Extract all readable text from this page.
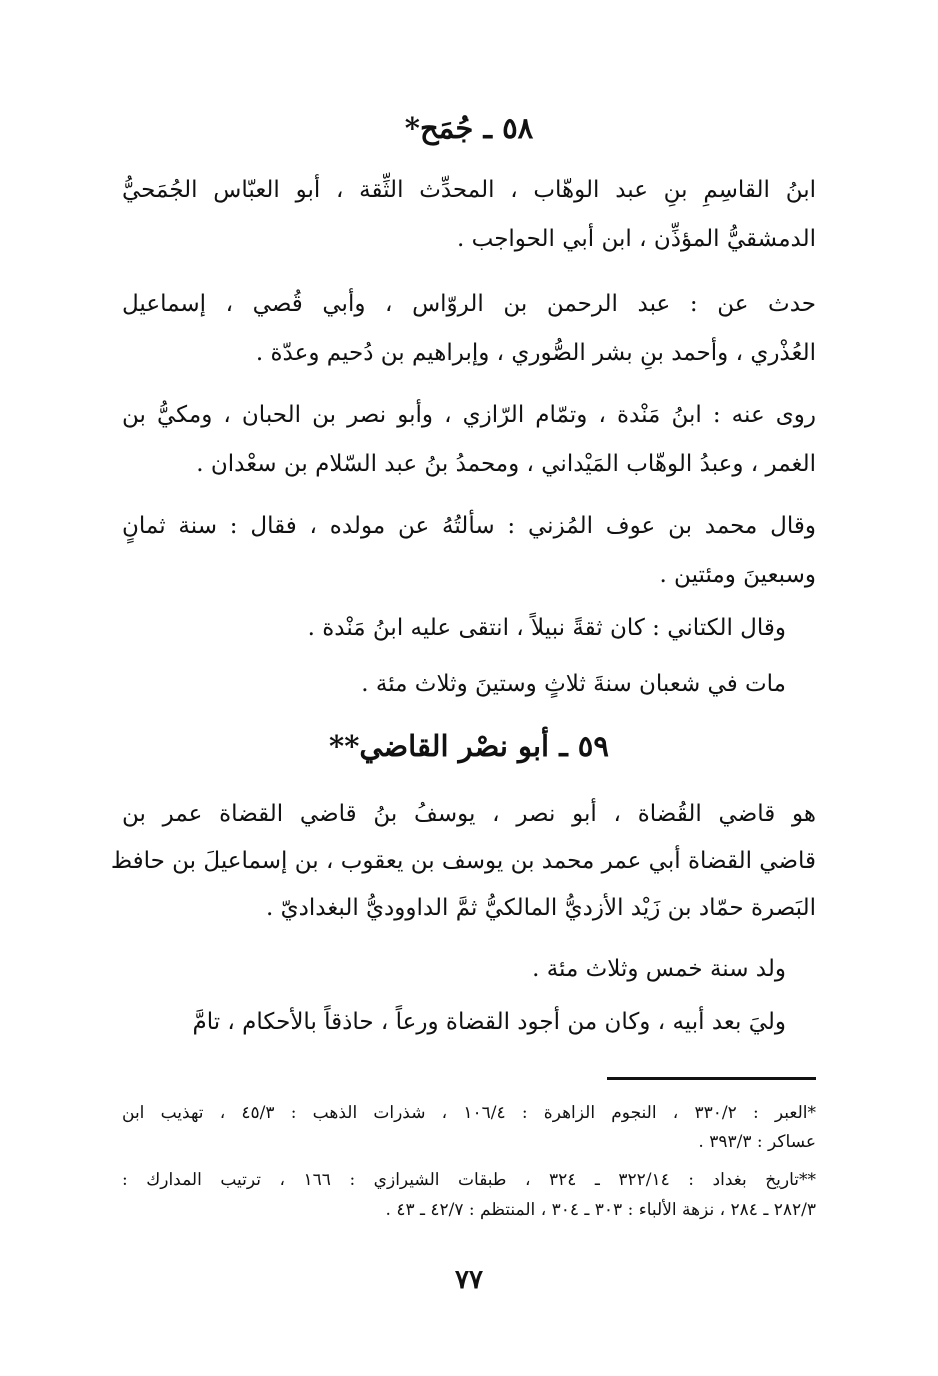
٥٨ ـ جُمَح*
ابنُ القاسِمِ بنِ عبد الوهّاب ، المحدِّث الثِّقة ، أبو العبّاس الجُمَحيُّ
الدمشقيُّ المؤذِّن ، ابن أبي الحواجب .
حدث عن : عبد الرحمن بن الروّاس ، وأبي قُصي ، إسماعيل
العُذْري ، وأحمد بنِ بشر الصُّوري ، وإبراهيم بن دُحيم وعدّة .
روى عنه : ابنُ مَنْدة ، وتمّام الرّازي ، وأبو نصر بن الحبان ، ومكيُّ بن
الغمر ، وعبدُ الوهّاب المَيْداني ، ومحمدُ بنُ عبد السّلام بن سعْدان .
وقال محمد بن عوف المُزني : سألتُهُ عن مولده ، فقال : سنة ثمانٍ
وسبعينَ ومئتين .
وقال الكتاني : كان ثقةً نبيلاً ، انتقى عليه ابنُ مَنْدة .
مات في شعبان سنةَ ثلاثٍ وستينَ وثلاث مئة .
٥٩ ـ أبو نصْر القاضي**
هو قاضي القُضاة ، أبو نصر ، يوسفُ بنُ قاضي القضاة عمر بن
قاضي القضاة أبي عمر محمد بن يوسف بن يعقوب ، بن إسماعيلَ بن حافظ
البَصرة حمّاد بن زَيْد الأزديُّ المالكيُّ ثمَّ الداووديُّ البغداديّ .
ولد سنة خمس وثلاث مئة .
وليَ بعد أبيه ، وكان من أجود القضاة ورعاً ، حاذقاً بالأحكام ، تامَّ
*العبر : ٣٣٠/٢ ، النجوم الزاهرة : ١٠٦/٤ ، شذرات الذهب : ٤٥/٣ ، تهذيب ابن
عساكر : ٣٩٣/٣ .
**تاريخ بغداد : ٣٢٢/١٤ ـ ٣٢٤ ، طبقات الشيرازي : ١٦٦ ، ترتيب المدارك :
٢٨٢/٣ ـ ٢٨٤ ، نزهة الألباء : ٣٠٣ ـ ٣٠٤ ، المنتظم : ٤٢/٧ ـ ٤٣ .
٧٧
